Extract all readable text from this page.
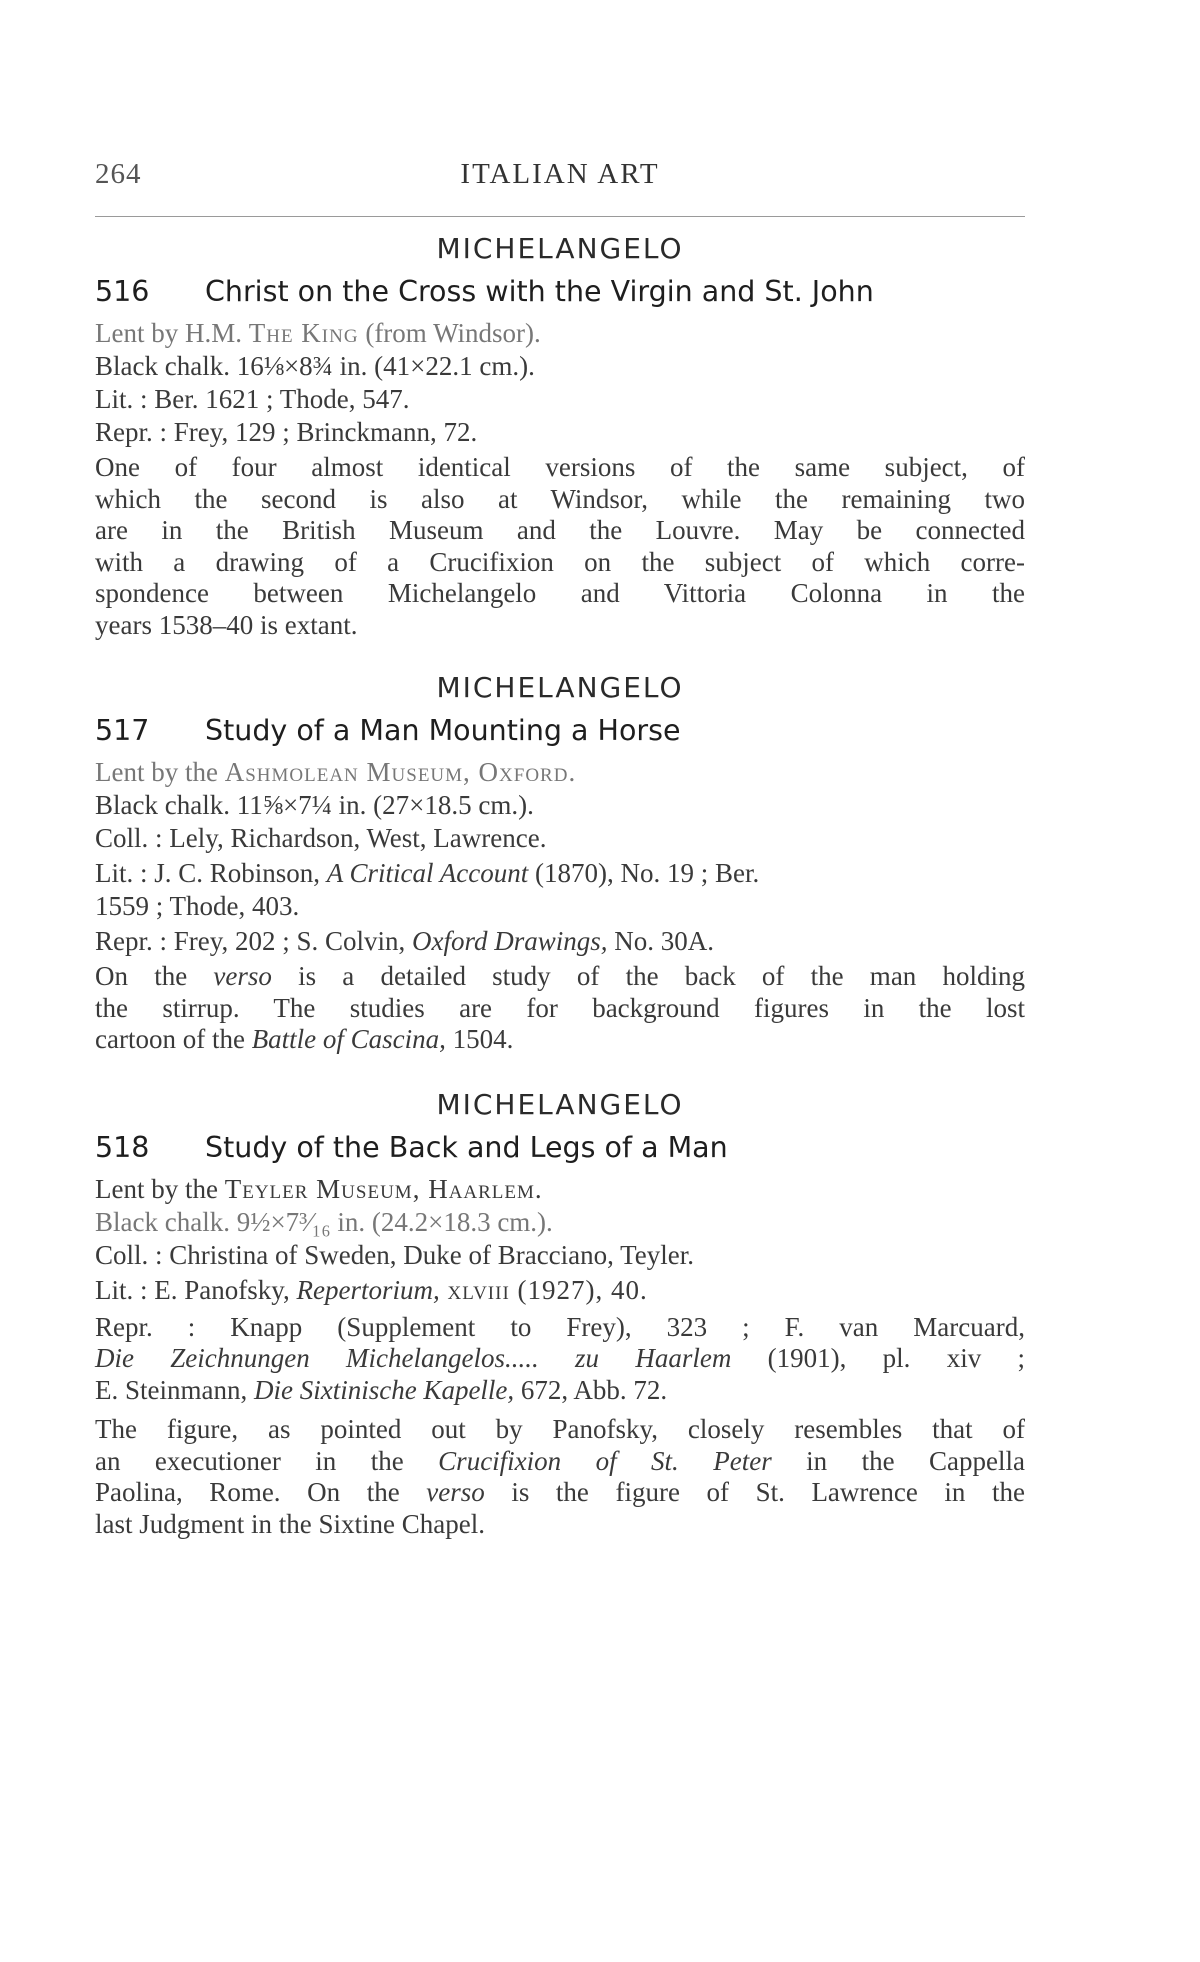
264	ITALIAN ART
MICHELANGELO
516 Christ on the Cross with the Virgin and St. John
Lent by H.M. The King (from Windsor).
Black chalk. 16⅛×8¾ in. (41×22.1 cm.).
Lit. : Ber. 1621 ; Thode, 547.
Repr. : Frey, 129 ; Brinckmann, 72.
One of four almost identical versions of the same subject, of
which the second is also at Windsor, while the remaining two
are in the British Museum and the Louvre. May be connected
with a drawing of a Crucifixion on the subject of which corre-
spondence between Michelangelo and Vittoria Colonna in the
years 1538–40 is extant.
MICHELANGELO
517 Study of a Man Mounting a Horse
Lent by the Ashmolean Museum, Oxford.
Black chalk. 11⅝×7¼ in. (27×18.5 cm.).
Coll. : Lely, Richardson, West, Lawrence.
Lit. : J. C. Robinson, A Critical Account (1870), No. 19 ; Ber.
1559 ; Thode, 403.
Repr. : Frey, 202 ; S. Colvin, Oxford Drawings, No. 30A.
On the verso is a detailed study of the back of the man holding
the stirrup. The studies are for background figures in the lost
cartoon of the Battle of Cascina, 1504.
MICHELANGELO
518 Study of the Back and Legs of a Man
Lent by the Teyler Museum, Haarlem.
Black chalk. 9½×7³⁄₁₆ in. (24.2×18.3 cm.).
Coll. : Christina of Sweden, Duke of Bracciano, Teyler.
Lit. : E. Panofsky, Repertorium, xlviii (1927), 40.
Repr. : Knapp (Supplement to Frey), 323 ; F. van Marcuard,
Die Zeichnungen Michelangelos..... zu Haarlem (1901), pl. xiv ;
E. Steinmann, Die Sixtinische Kapelle, 672, Abb. 72.
The figure, as pointed out by Panofsky, closely resembles that of
an executioner in the Crucifixion of St. Peter in the Cappella
Paolina, Rome. On the verso is the figure of St. Lawrence in the
last Judgment in the Sixtine Chapel.
